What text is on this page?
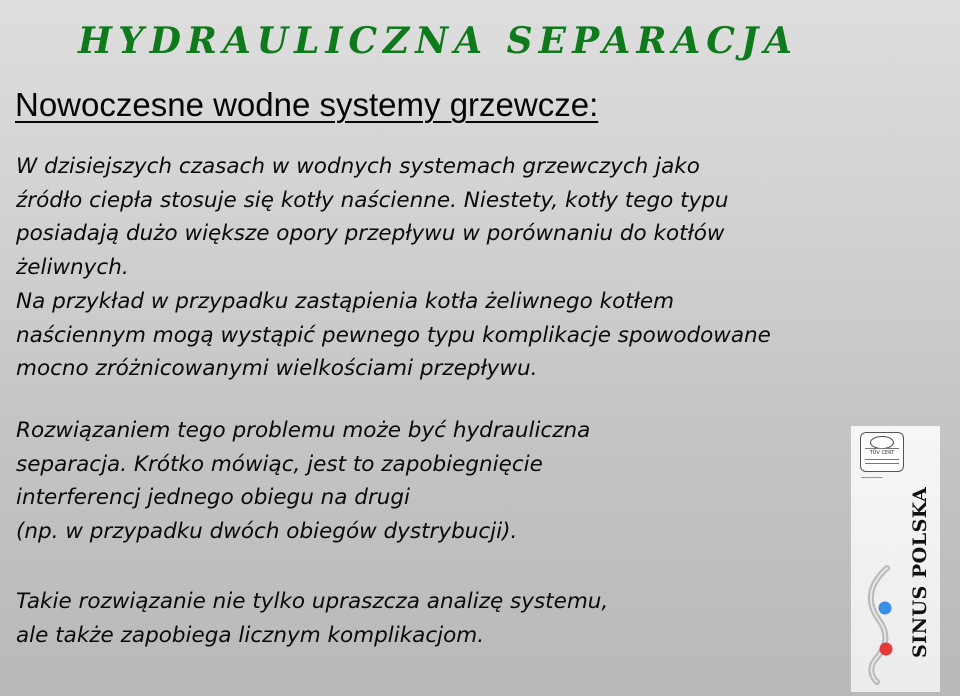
HYDRAULICZNA SEPARACJA
Nowoczesne wodne systemy grzewcze:
W dzisiejszych czasach w wodnych systemach grzewczych jako
źródło ciepła stosuje się kotły naścienne. Niestety, kotły tego typu
posiadają dużo większe opory przepływu w porównaniu do kotłów
żeliwnych.
Na przykład w przypadku zastąpienia kotła żeliwnego kotłem
naściennym mogą wystąpić pewnego typu komplikacje spowodowane
mocno zróżnicowanymi wielkościami przepływu.
Rozwiązaniem tego problemu może być hydrauliczna
separacja. Krótko mówiąc, jest to zapobiegnięcie
interferencj jednego obiegu na drugi
(np. w przypadku dwóch obiegów dystrybucji).
Takie rozwiązanie nie tylko upraszcza analizę systemu,
ale także zapobiega licznym komplikacjom.
TÜV CERT
━━━━━━━━━
SINUS POLSKA
